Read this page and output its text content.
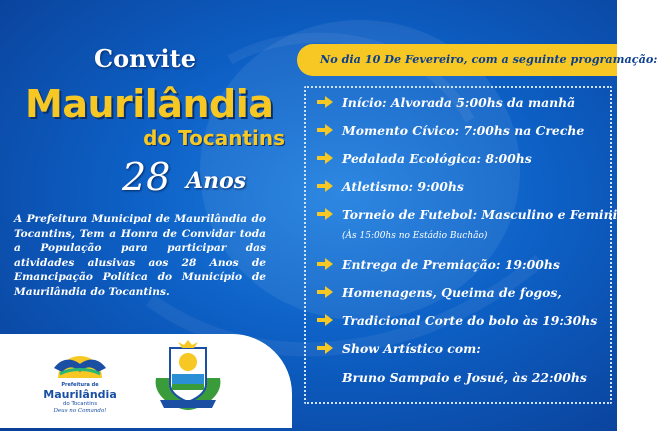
Convite
Maurilândia
do Tocantins
28 Anos
A Prefeitura Municipal de Maurilândia do Tocantins, Tem a Honra de Convidar toda a População para participar das atividades alusivas aos 28 Anos de Emancipação Política do Município de Maurilândia do Tocantins.
Prefeitura de
Maurilândia
do Tocantins
Deus no Comando!
No dia 10 De Fevereiro, com a seguinte programação:
Início: Alvorada 5:00hs da manhã
Momento Cívico: 7:00hs na Creche
Pedalada Ecológica: 8:00hs
Atletismo: 9:00hs
Torneio de Futebol: Masculino e Feminino
(Às 15:00hs no Estádio Buchão)
Entrega de Premiação: 19:00hs
Homenagens, Queima de fogos,
Tradicional Corte do bolo às 19:30hs
Show Artístico com:
Bruno Sampaio e Josué, às 22:00hs
